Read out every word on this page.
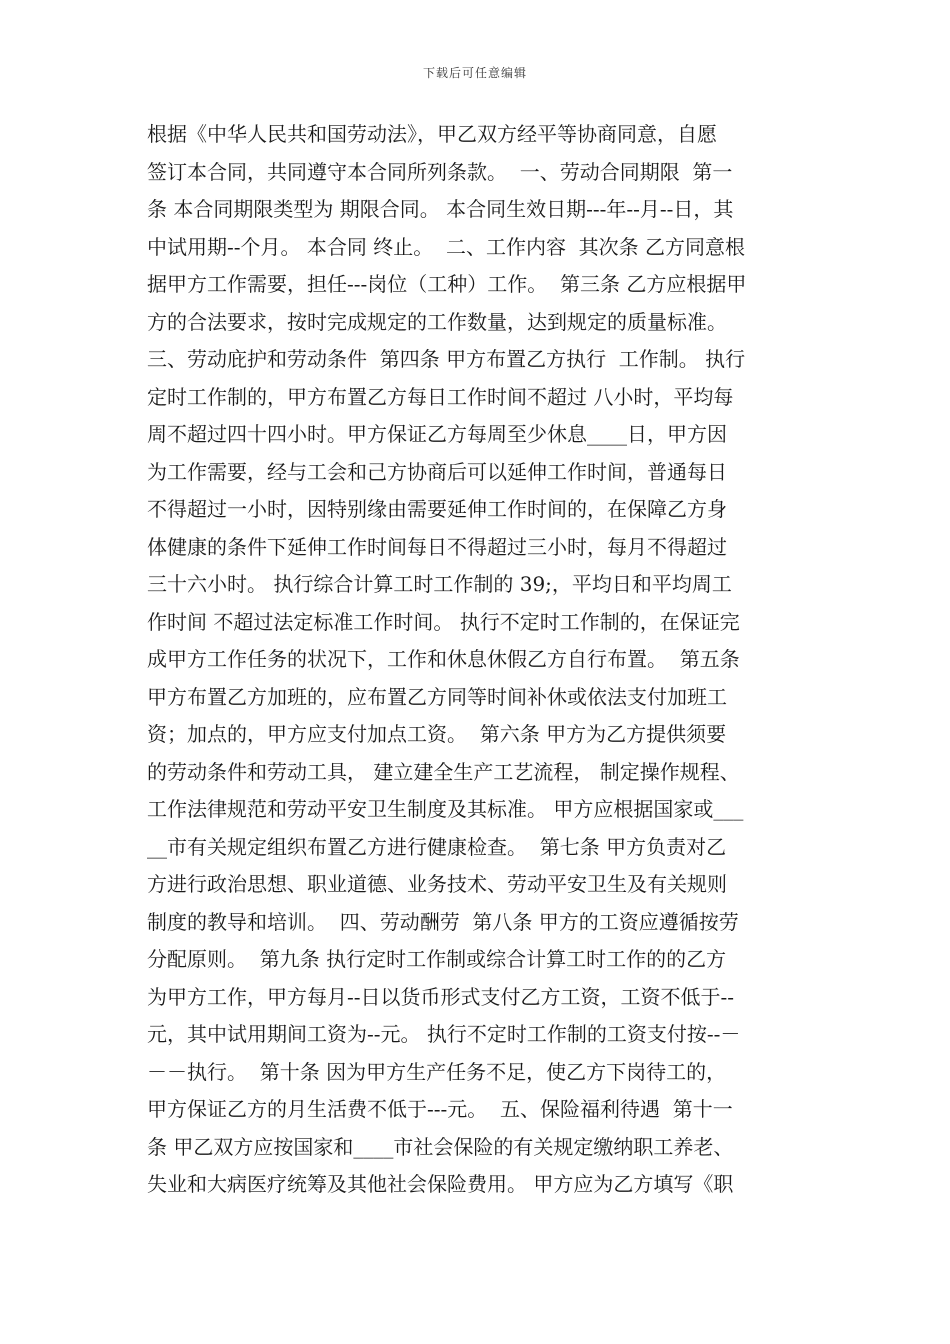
下载后可任意编辑
根据《中华人民共和国劳动法》，甲乙双方经平等协商同意，自愿
签订本合同，共同遵守本合同所列条款。  一、劳动合同期限  第一
条 本合同期限类型为 期限合同。 本合同生效日期---年--月--日，其
中试用期--个月。 本合同 终止。  二、工作内容  其次条 乙方同意根
据甲方工作需要，担任---岗位（工种）工作。  第三条 乙方应根据甲
方的合法要求，按时完成规定的工作数量，达到规定的质量标准。
三、劳动庇护和劳动条件  第四条 甲方布置乙方执行  工作制。 执行
定时工作制的，甲方布置乙方每日工作时间不超过 八小时，平均每
周不超过四十四小时。甲方保证乙方每周至少休息____日，甲方因
为工作需要，经与工会和己方协商后可以延伸工作时间，普通每日
不得超过一小时，因特别缘由需要延伸工作时间的，在保障乙方身
体健康的条件下延伸工作时间每日不得超过三小时，每月不得超过
三十六小时。 执行综合计算工时工作制的 39;，平均日和平均周工
作时间 不超过法定标准工作时间。 执行不定时工作制的，在保证完
成甲方工作任务的状况下，工作和休息休假乙方自行布置。  第五条
甲方布置乙方加班的，应布置乙方同等时间补休或依法支付加班工
资；加点的，甲方应支付加点工资。  第六条 甲方为乙方提供须要
的劳动条件和劳动工具， 建立建全生产工艺流程， 制定操作规程、
工作法律规范和劳动平安卫生制度及其标准。 甲方应根据国家或___
__市有关规定组织布置乙方进行健康检查。  第七条 甲方负责对乙
方进行政治思想、职业道德、业务技术、劳动平安卫生及有关规则
制度的教导和培训。  四、劳动酬劳  第八条 甲方的工资应遵循按劳
分配原则。  第九条 执行定时工作制或综合计算工时工作的的乙方
为甲方工作，甲方每月--日以货币形式支付乙方工资，工资不低于--
元，其中试用期间工资为--元。 执行不定时工作制的工资支付按--－
－－执行。  第十条 因为甲方生产任务不足，使乙方下岗待工的，
甲方保证乙方的月生活费不低于---元。  五、保险福利待遇  第十一
条 甲乙双方应按国家和____市社会保险的有关规定缴纳职工养老、
失业和大病医疗统筹及其他社会保险费用。 甲方应为乙方填写《职
